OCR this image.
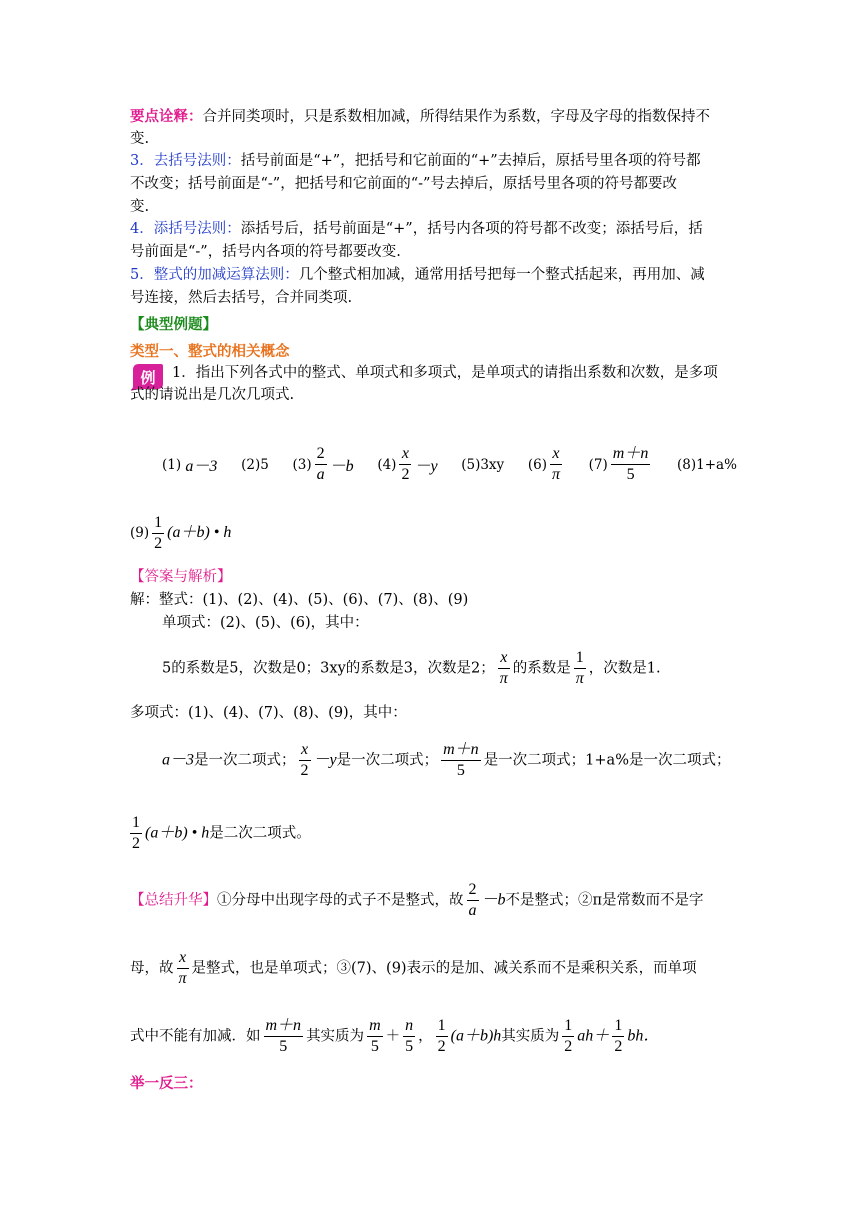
要点诠释：合并同类项时，只是系数相加减，所得结果作为系数，字母及字母的指数保持不
变.
3．去括号法则：括号前面是“+”，把括号和它前面的“+”去掉后，原括号里各项的符号都
不改变；括号前面是“-”，把括号和它前面的“-”号去掉后，原括号里各项的符号都要改
变.
4．添括号法则：添括号后，括号前面是“+”，括号内各项的符号都不改变；添括号后，括
号前面是“-”，括号内各项的符号都要改变.
5．整式的加减运算法则：几个整式相加减，通常用括号把每一个整式括起来，再用加、减
号连接，然后去括号，合并同类项.
【典型例题】
类型一、整式的相关概念
例 1．指出下列各式中的整式、单项式和多项式，是单项式的请指出系数和次数，是多项
式的请说出是几次几项式.
(1)
a－3 (2)5 $(3) \frac{2}{a} -b$ $(4) \frac{x}{2} -y$ (5)3xy $(6) \frac{x}{\pi} (7) \frac{m+n}{5} (8)1+a\%$
$(9) \frac{1}{2} (a+b)$ • h
【答案与解析】
解：整式：(1)、(2)、(4)、(5)、(6)、(7)、(8)、(9)
单项式：(2)、(5)、(6)，其中：
5的系数是5，次数是0；3xy的系数是3，次数是2； $\frac{x}{\pi}$ 的系数是 $\frac{1}{\pi}$ ，次数是1.
多项式：(1)、(4)、(7)、(8)、(9)，其中：
a－3是一次二项式； $\frac{x}{2} -y$是一次二项式； $\frac{m+n}{5}$ 是一次二项式；1+a%是一次二项式；
$\frac{1}{2} (a+b)$ • h是二次二项式。
【总结升华】①分母中出现字母的式子不是整式，故 $\frac{2}{a} -b$不是整式；②π是常数而不是字
母，故 $\frac{x}{\pi}$ 是整式，也是单项式；③(7)、(9)表示的是加、减关系而不是乘积关系，而单项
式中不能有加减．如 $\frac{m+n}{5}$ 其实质为 $\frac{m}{5} + \frac{n}{5}$ ， $\frac{1}{2} (a+b)h$其实质为 $\frac{1}{2} ah+ \frac{1}{2}$ bh．
举一反三：
